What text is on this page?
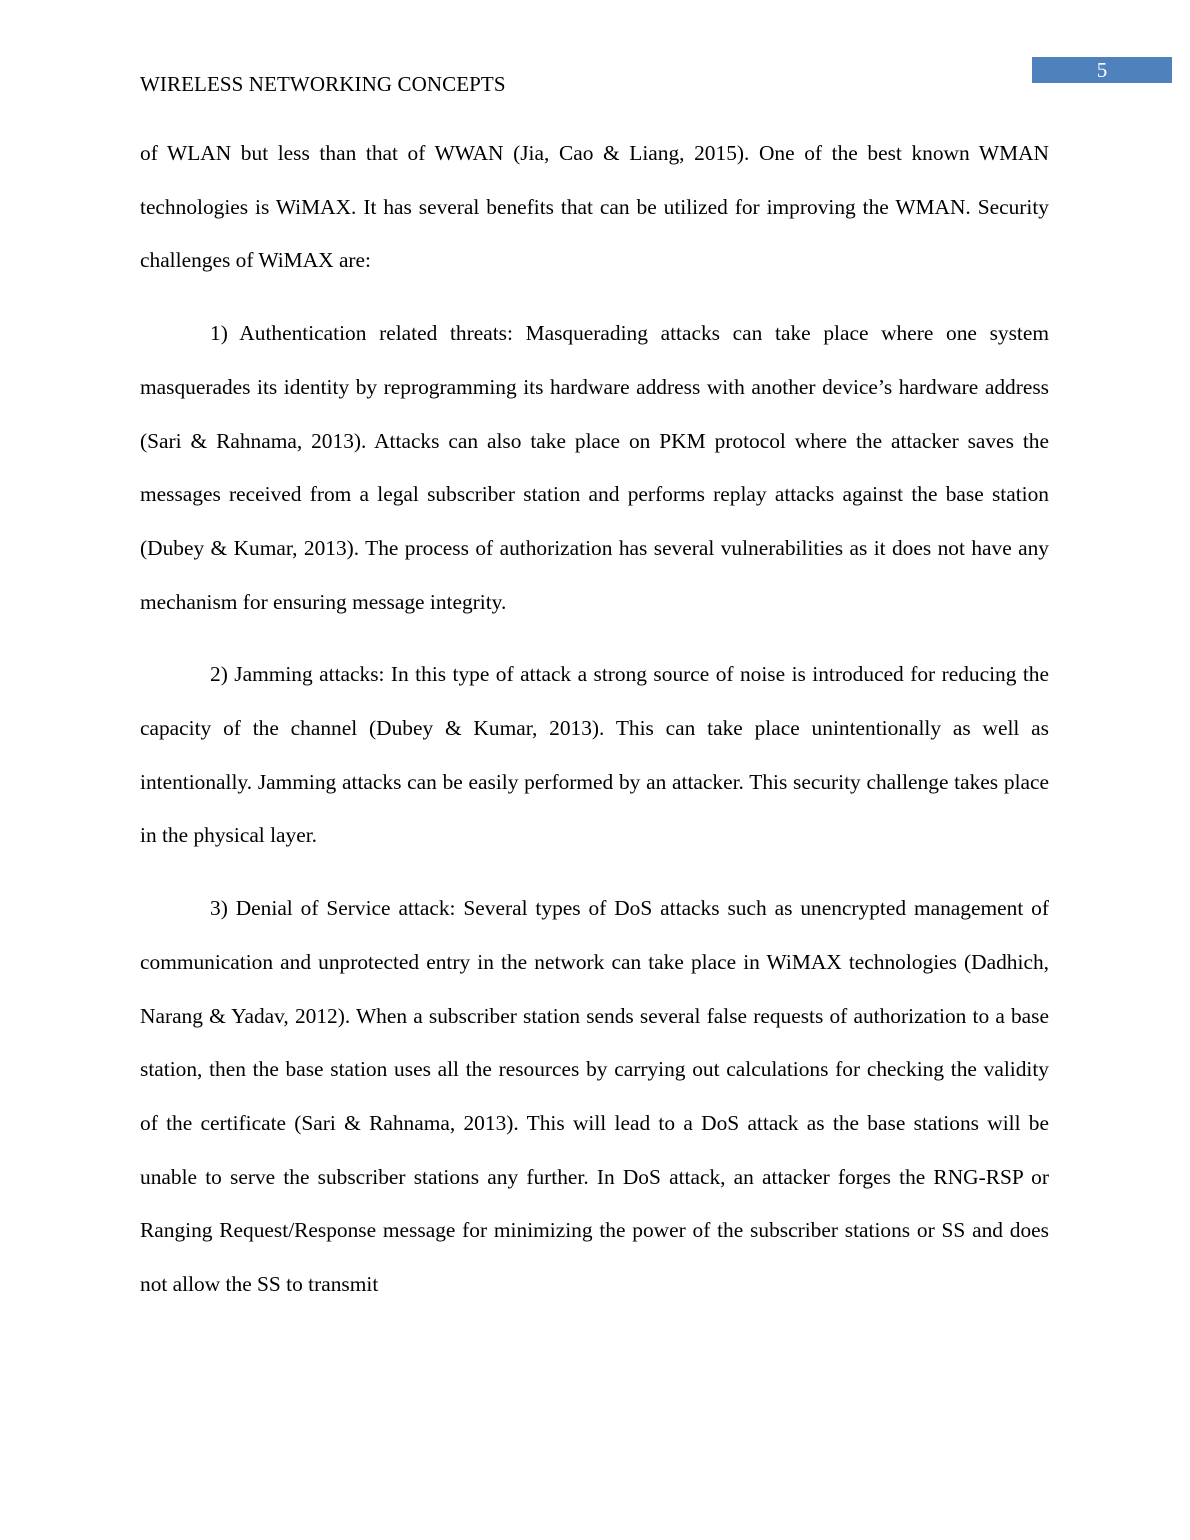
5
WIRELESS NETWORKING CONCEPTS

of WLAN but less than that of WWAN (Jia, Cao & Liang, 2015). One of the best known WMAN technologies is WiMAX. It has several benefits that can be utilized for improving the WMAN. Security challenges of WiMAX are:

1) Authentication related threats: Masquerading attacks can take place where one system masquerades its identity by reprogramming its hardware address with another device’s hardware address (Sari & Rahnama, 2013). Attacks can also take place on PKM protocol where the attacker saves the messages received from a legal subscriber station and performs replay attacks against the base station (Dubey & Kumar, 2013). The process of authorization has several vulnerabilities as it does not have any mechanism for ensuring message integrity.

2) Jamming attacks: In this type of attack a strong source of noise is introduced for reducing the capacity of the channel (Dubey & Kumar, 2013). This can take place unintentionally as well as intentionally. Jamming attacks can be easily performed by an attacker. This security challenge takes place in the physical layer.

3) Denial of Service attack: Several types of DoS attacks such as unencrypted management of communication and unprotected entry in the network can take place in WiMAX technologies (Dadhich, Narang & Yadav, 2012). When a subscriber station sends several false requests of authorization to a base station, then the base station uses all the resources by carrying out calculations for checking the validity of the certificate (Sari & Rahnama, 2013). This will lead to a DoS attack as the base stations will be unable to serve the subscriber stations any further. In DoS attack, an attacker forges the RNG-RSP or Ranging Request/Response message for minimizing the power of the subscriber stations or SS and does not allow the SS to transmit
